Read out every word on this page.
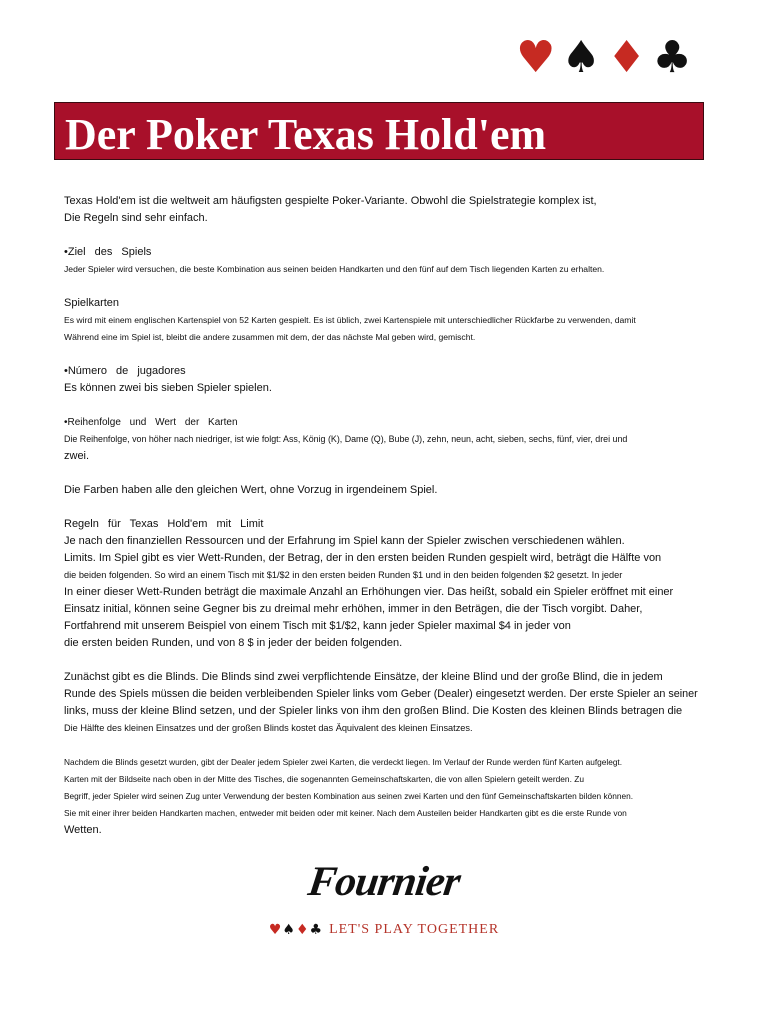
♥ ♠ ♦ ♣
Der Poker Texas Hold'em

Texas Hold'em ist die weltweit am häufigsten gespielte Poker-Variante. Obwohl die Spielstrategie komplex ist,
Die Regeln sind sehr einfach.

•Ziel des Spiels

Jeder Spieler wird versuchen, die beste Kombination aus seinen beiden Handkarten und den fünf auf dem Tisch liegenden Karten zu erhalten.

Spielkarten

Es wird mit einem englischen Kartenspiel von 52 Karten gespielt. Es ist üblich, zwei Kartenspiele mit unterschiedlicher Rückfarbe zu verwenden, damit
Während eine im Spiel ist, bleibt die andere zusammen mit dem, der das nächste Mal geben wird, gemischt.

•Número de jugadores

Es können zwei bis sieben Spieler spielen.

•Reihenfolge und Wert der Karten

Die Reihenfolge, von höher nach niedriger, ist wie folgt: Ass, König (K), Dame (Q), Bube (J), zehn, neun, acht, sieben, sechs, fünf, vier, drei und
zwei.

Die Farben haben alle den gleichen Wert, ohne Vorzug in irgendeinem Spiel.

Regeln für Texas Hold'em mit Limit

Je nach den finanziellen Ressourcen und der Erfahrung im Spiel kann der Spieler zwischen verschiedenen wählen.
Limits. Im Spiel gibt es vier Wett-Runden, der Betrag, der in den ersten beiden Runden gespielt wird, beträgt die Hälfte von
die beiden folgenden. So wird an einem Tisch mit $1/$2 in den ersten beiden Runden $1 und in den beiden folgenden $2 gesetzt. In jeder
In einer dieser Wett-Runden beträgt die maximale Anzahl an Erhöhungen vier. Das heißt, sobald ein Spieler eröffnet mit einer
Einsatz initial, können seine Gegner bis zu dreimal mehr erhöhen, immer in den Beträgen, die der Tisch vorgibt. Daher,
Fortfahrend mit unserem Beispiel von einem Tisch mit $1/$2, kann jeder Spieler maximal $4 in jeder von
die ersten beiden Runden, und von 8 $ in jeder der beiden folgenden.

Zunächst gibt es die Blinds. Die Blinds sind zwei verpflichtende Einsätze, der kleine Blind und der große Blind, die in jedem
Runde des Spiels müssen die beiden verbleibenden Spieler links vom Geber (Dealer) eingesetzt werden. Der erste Spieler an seiner
links, muss der kleine Blind setzen, und der Spieler links von ihm den großen Blind. Die Kosten des kleinen Blinds betragen die
Die Hälfte des kleinen Einsatzes und der großen Blinds kostet das Äquivalent des kleinen Einsatzes.

Nachdem die Blinds gesetzt wurden, gibt der Dealer jedem Spieler zwei Karten, die verdeckt liegen. Im Verlauf der Runde werden fünf Karten aufgelegt.
Karten mit der Bildseite nach oben in der Mitte des Tisches, die sogenannten Gemeinschaftskarten, die von allen Spielern geteilt werden. Zu
Begriff, jeder Spieler wird seinen Zug unter Verwendung der besten Kombination aus seinen zwei Karten und den fünf Gemeinschaftskarten bilden können.
Sie mit einer ihrer beiden Handkarten machen, entweder mit beiden oder mit keiner. Nach dem Austeilen beider Handkarten gibt es die erste Runde von
Wetten.

Fournier
♥♠♦♣ LET'S PLAY TOGETHER
